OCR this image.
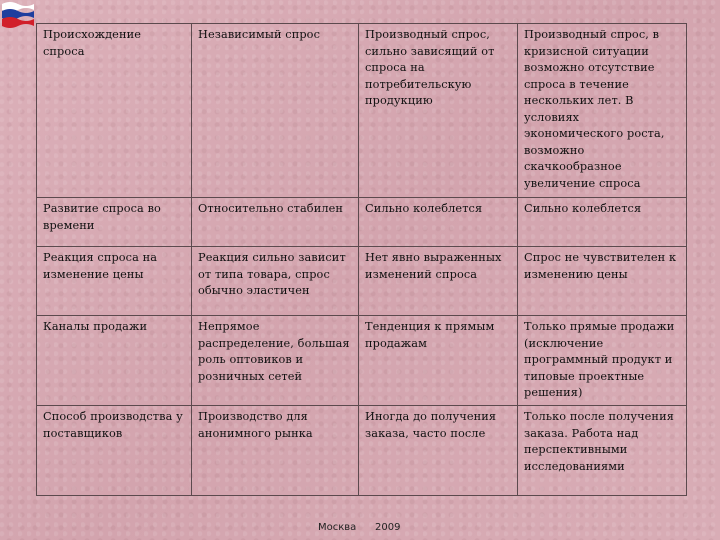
Происхождение спроса	Независимый спрос	Производный спрос, сильно зависящий от спроса на потребительскую продукцию	Производный спрос, в кризисной ситуации возможно отсутствие спроса в течение нескольких лет. В условиях экономического роста, возможно скачкообразное увеличение спроса
Развитие спроса во времени	Относительно стабилен	Сильно колеблется	Сильно колеблется
Реакция спроса на изменение цены	Реакция сильно зависит от типа товара, спрос обычно эластичен	Нет явно выраженных изменений спроса	Спрос не чувствителен к изменению цены
Каналы продажи	Непрямое распределение, большая роль оптовиков и розничных сетей	Тенденция к прямым продажам	Только прямые продажи (исключение программный продукт и типовые проектные решения)
Способ производства у поставщиков	Производство для анонимного рынка	Иногда до получения заказа, часто после	Только после получения заказа. Работа над перспективными исследованиями
Москва 2009
